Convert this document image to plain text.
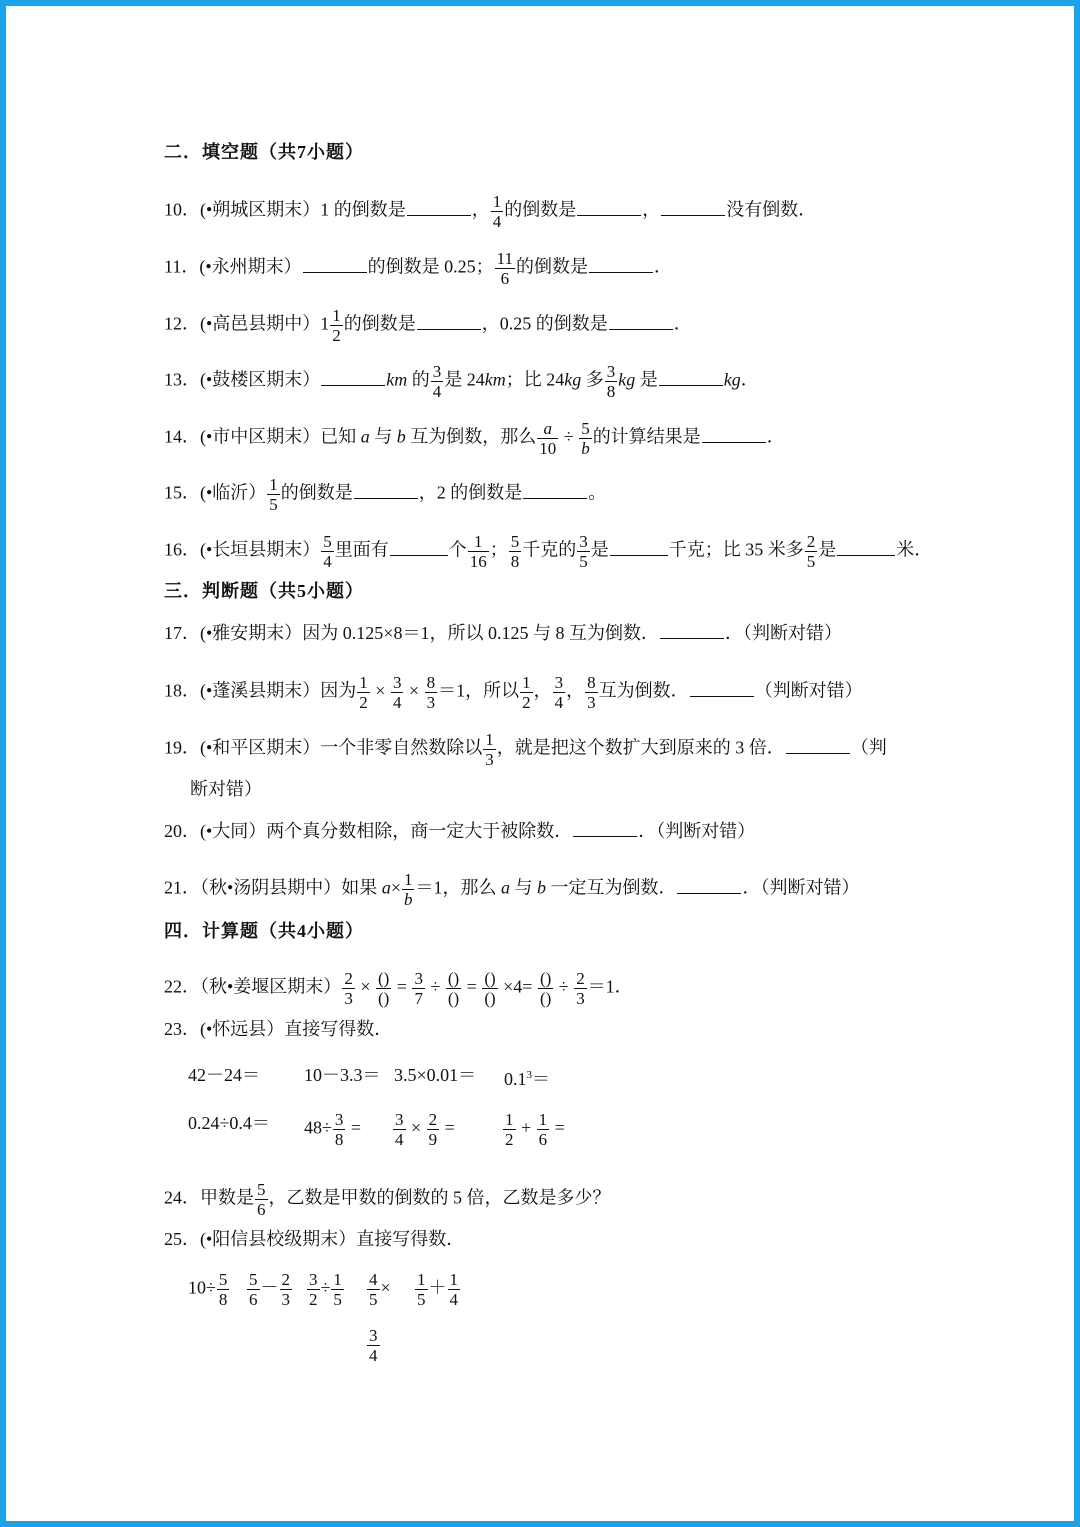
二．填空题（共7小题）
10．(•朔城区期末）1 的倒数是	， $\frac{1}{4}$ 的倒数是	，	没有倒数．
11．(•永州期末）	的倒数是 0.25； $\frac{11}{6}$ 的倒数是	．
12．(•高邑县期中）$1 \frac{1}{2}$ 的倒数是	，0.25 的倒数是	．
13．(•鼓楼区期末）	km 的 $\frac{3}{4}$ 是 24km；比 24kg 多 $\frac{3}{8}$ kg 是	kg．
14．(•市中区期末）已知 a 与 b 互为倒数，那么 $\frac{a}{10} \div \frac{5}{b}$ 的计算结果是	．
15．(•临沂） $\frac{1}{5}$ 的倒数是	，2 的倒数是	。
16．(•长垣县期末） $\frac{5}{4}$ 里面有	个 $\frac{1}{16}$ ； $\frac{5}{8}$ 千克的 $\frac{3}{5}$ 是	千克；比 35 米多 $\frac{2}{5}$ 是	米．
三．判断题（共5小题）
17．(•雅安期末）因为 0.125×8＝1，所以 0.125 与 8 互为倒数．	．（判断对错）
18．(•蓬溪县期末）因为 $\frac{1}{2} \times \frac{3}{4} \times \frac{8}{3} =1$，所以 $\frac{1}{2}$ ， $\frac{3}{4}$ ， $\frac{8}{3}$ 互为倒数．	（判断对错）
19．(•和平区期末）一个非零自然数除以 $\frac{1}{3}$ ，就是把这个数扩大到原来的 3 倍．	（判
断对错）
20．(•大同）两个真分数相除，商一定大于被除数．	．（判断对错）
21．（秋•汤阴县期中）如果 $a\times \frac{1}{b} =1$，那么 a 与 b 一定互为倒数．	．（判断对错）
四．计算题（共4小题）
22．（秋•姜堰区期末） $\frac{2}{3} \times \frac{()}{()} = \frac{3}{7} \div \frac{()}{()} = \frac{()}{()} \times 4= \frac{()}{()} \div \frac{2}{3} =1$．
23．(•怀远县）直接写得数．
$42-24= 10-3.3= 3.5\times 0.01= 0.1^3=$
$0.24\div 0.4= 48\div \frac{3}{8} = \frac{3}{4} \times \frac{2}{9}$ =	$\frac{1}{2} + \frac{1}{6}$ =
24．甲数是 $\frac{5}{6}$ ，乙数是甲数的倒数的 5 倍，乙数是多少？
25．(•阳信县校级期末）直接写得数．
$10\div \frac{5}{8} \frac{5}{6} - \frac{2}{3} \frac{3}{2} \div \frac{1}{5} \frac{4}{5}$ ×
$\frac{3}{4}$
$\frac{1}{5} + \frac{1}{4}$
